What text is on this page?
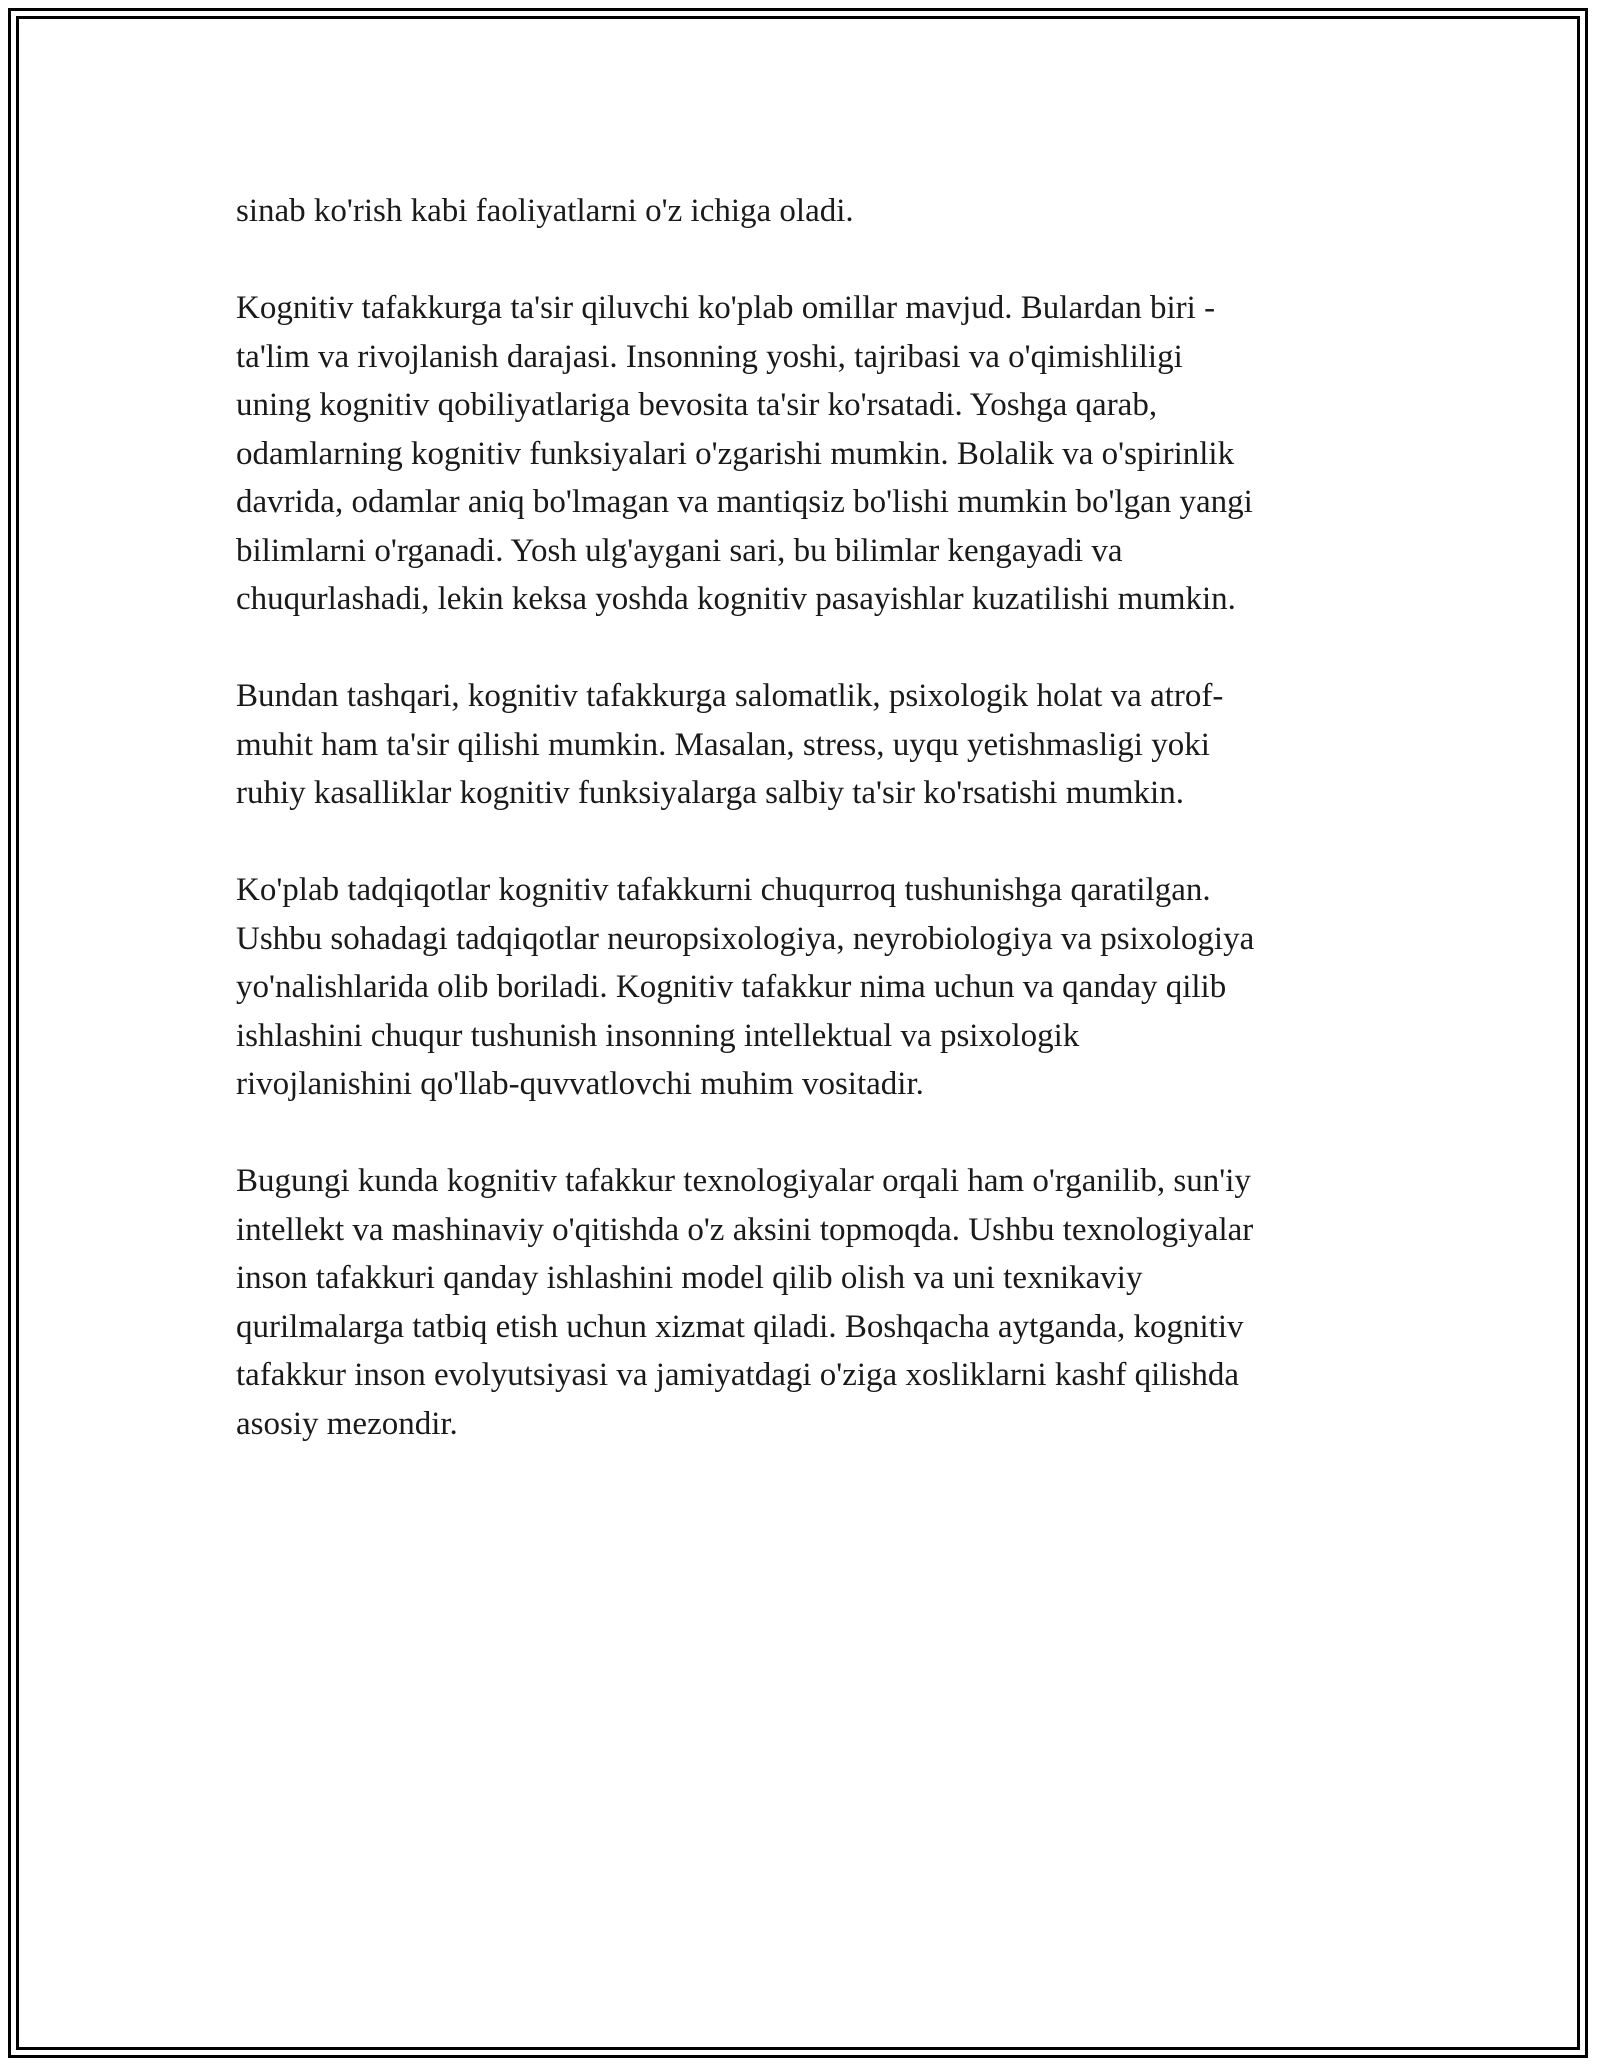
sinab ko'rish kabi faoliyatlarni o'z ichiga oladi.

Kognitiv tafakkurga ta'sir qiluvchi ko'plab omillar mavjud. Bulardan biri -
ta'lim va rivojlanish darajasi. Insonning yoshi, tajribasi va o'qimishliligi
uning kognitiv qobiliyatlariga bevosita ta'sir ko'rsatadi. Yoshga qarab,
odamlarning kognitiv funksiyalari o'zgarishi mumkin. Bolalik va o'spirinlik
davrida, odamlar aniq bo'lmagan va mantiqsiz bo'lishi mumkin bo'lgan yangi
bilimlarni o'rganadi. Yosh ulg'aygani sari, bu bilimlar kengayadi va
chuqurlashadi, lekin keksa yoshda kognitiv pasayishlar kuzatilishi mumkin.

Bundan tashqari, kognitiv tafakkurga salomatlik, psixologik holat va atrof-
muhit ham ta'sir qilishi mumkin. Masalan, stress, uyqu yetishmasligi yoki
ruhiy kasalliklar kognitiv funksiyalarga salbiy ta'sir ko'rsatishi mumkin.

Ko'plab tadqiqotlar kognitiv tafakkurni chuqurroq tushunishga qaratilgan.
Ushbu sohadagi tadqiqotlar neuropsixologiya, neyrobiologiya va psixologiya
yo'nalishlarida olib boriladi. Kognitiv tafakkur nima uchun va qanday qilib
ishlashini chuqur tushunish insonning intellektual va psixologik
rivojlanishini qo'llab-quvvatlovchi muhim vositadir.

Bugungi kunda kognitiv tafakkur texnologiyalar orqali ham o'rganilib, sun'iy
intellekt va mashinaviy o'qitishda o'z aksini topmoqda. Ushbu texnologiyalar
inson tafakkuri qanday ishlashini model qilib olish va uni texnikaviy
qurilmalarga tatbiq etish uchun xizmat qiladi. Boshqacha aytganda, kognitiv
tafakkur inson evolyutsiyasi va jamiyatdagi o'ziga xosliklarni kashf qilishda
asosiy mezondir.
